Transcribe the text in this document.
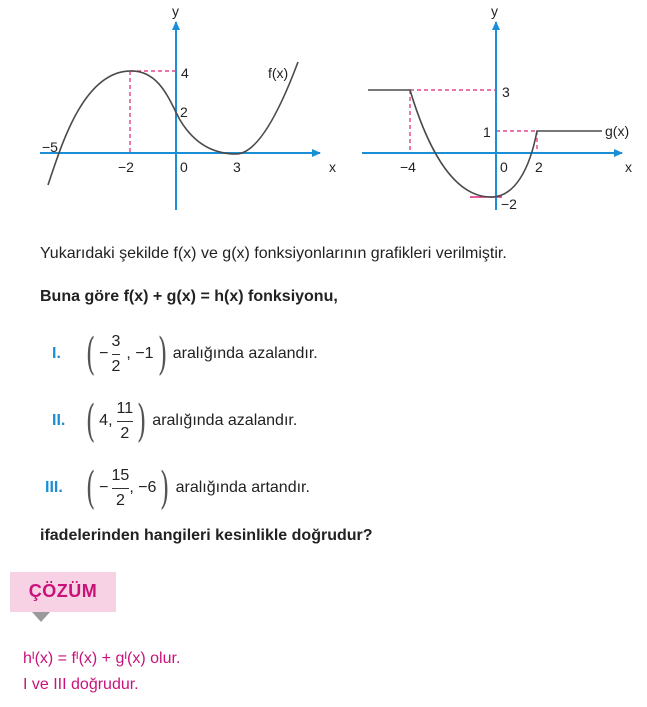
y
x
f(x)
−5
−2	0	3
4
2
y
x
g(x)
−4	0 2
3
1
−2
Yukarıdaki şekilde f(x) ve g(x) fonksiyonlarının grafikleri verilmiştir.
Buna göre f(x) + g(x) = h(x) fonksiyonu,
I. ( − $\frac{3}{2}$ , −1 ) aralığında azalandır.
II. ( 4, $\frac{11}{2}$ ) aralığında azalandır.
III. ( − $\frac{15}{2}$ , −6 ) aralığında artandır.
ifadelerinden hangileri kesinlikle doğrudur?
ÇÖZÜM
hᴵ(x) = fᴵ(x) + gᴵ(x) olur.
I ve III doğrudur.
